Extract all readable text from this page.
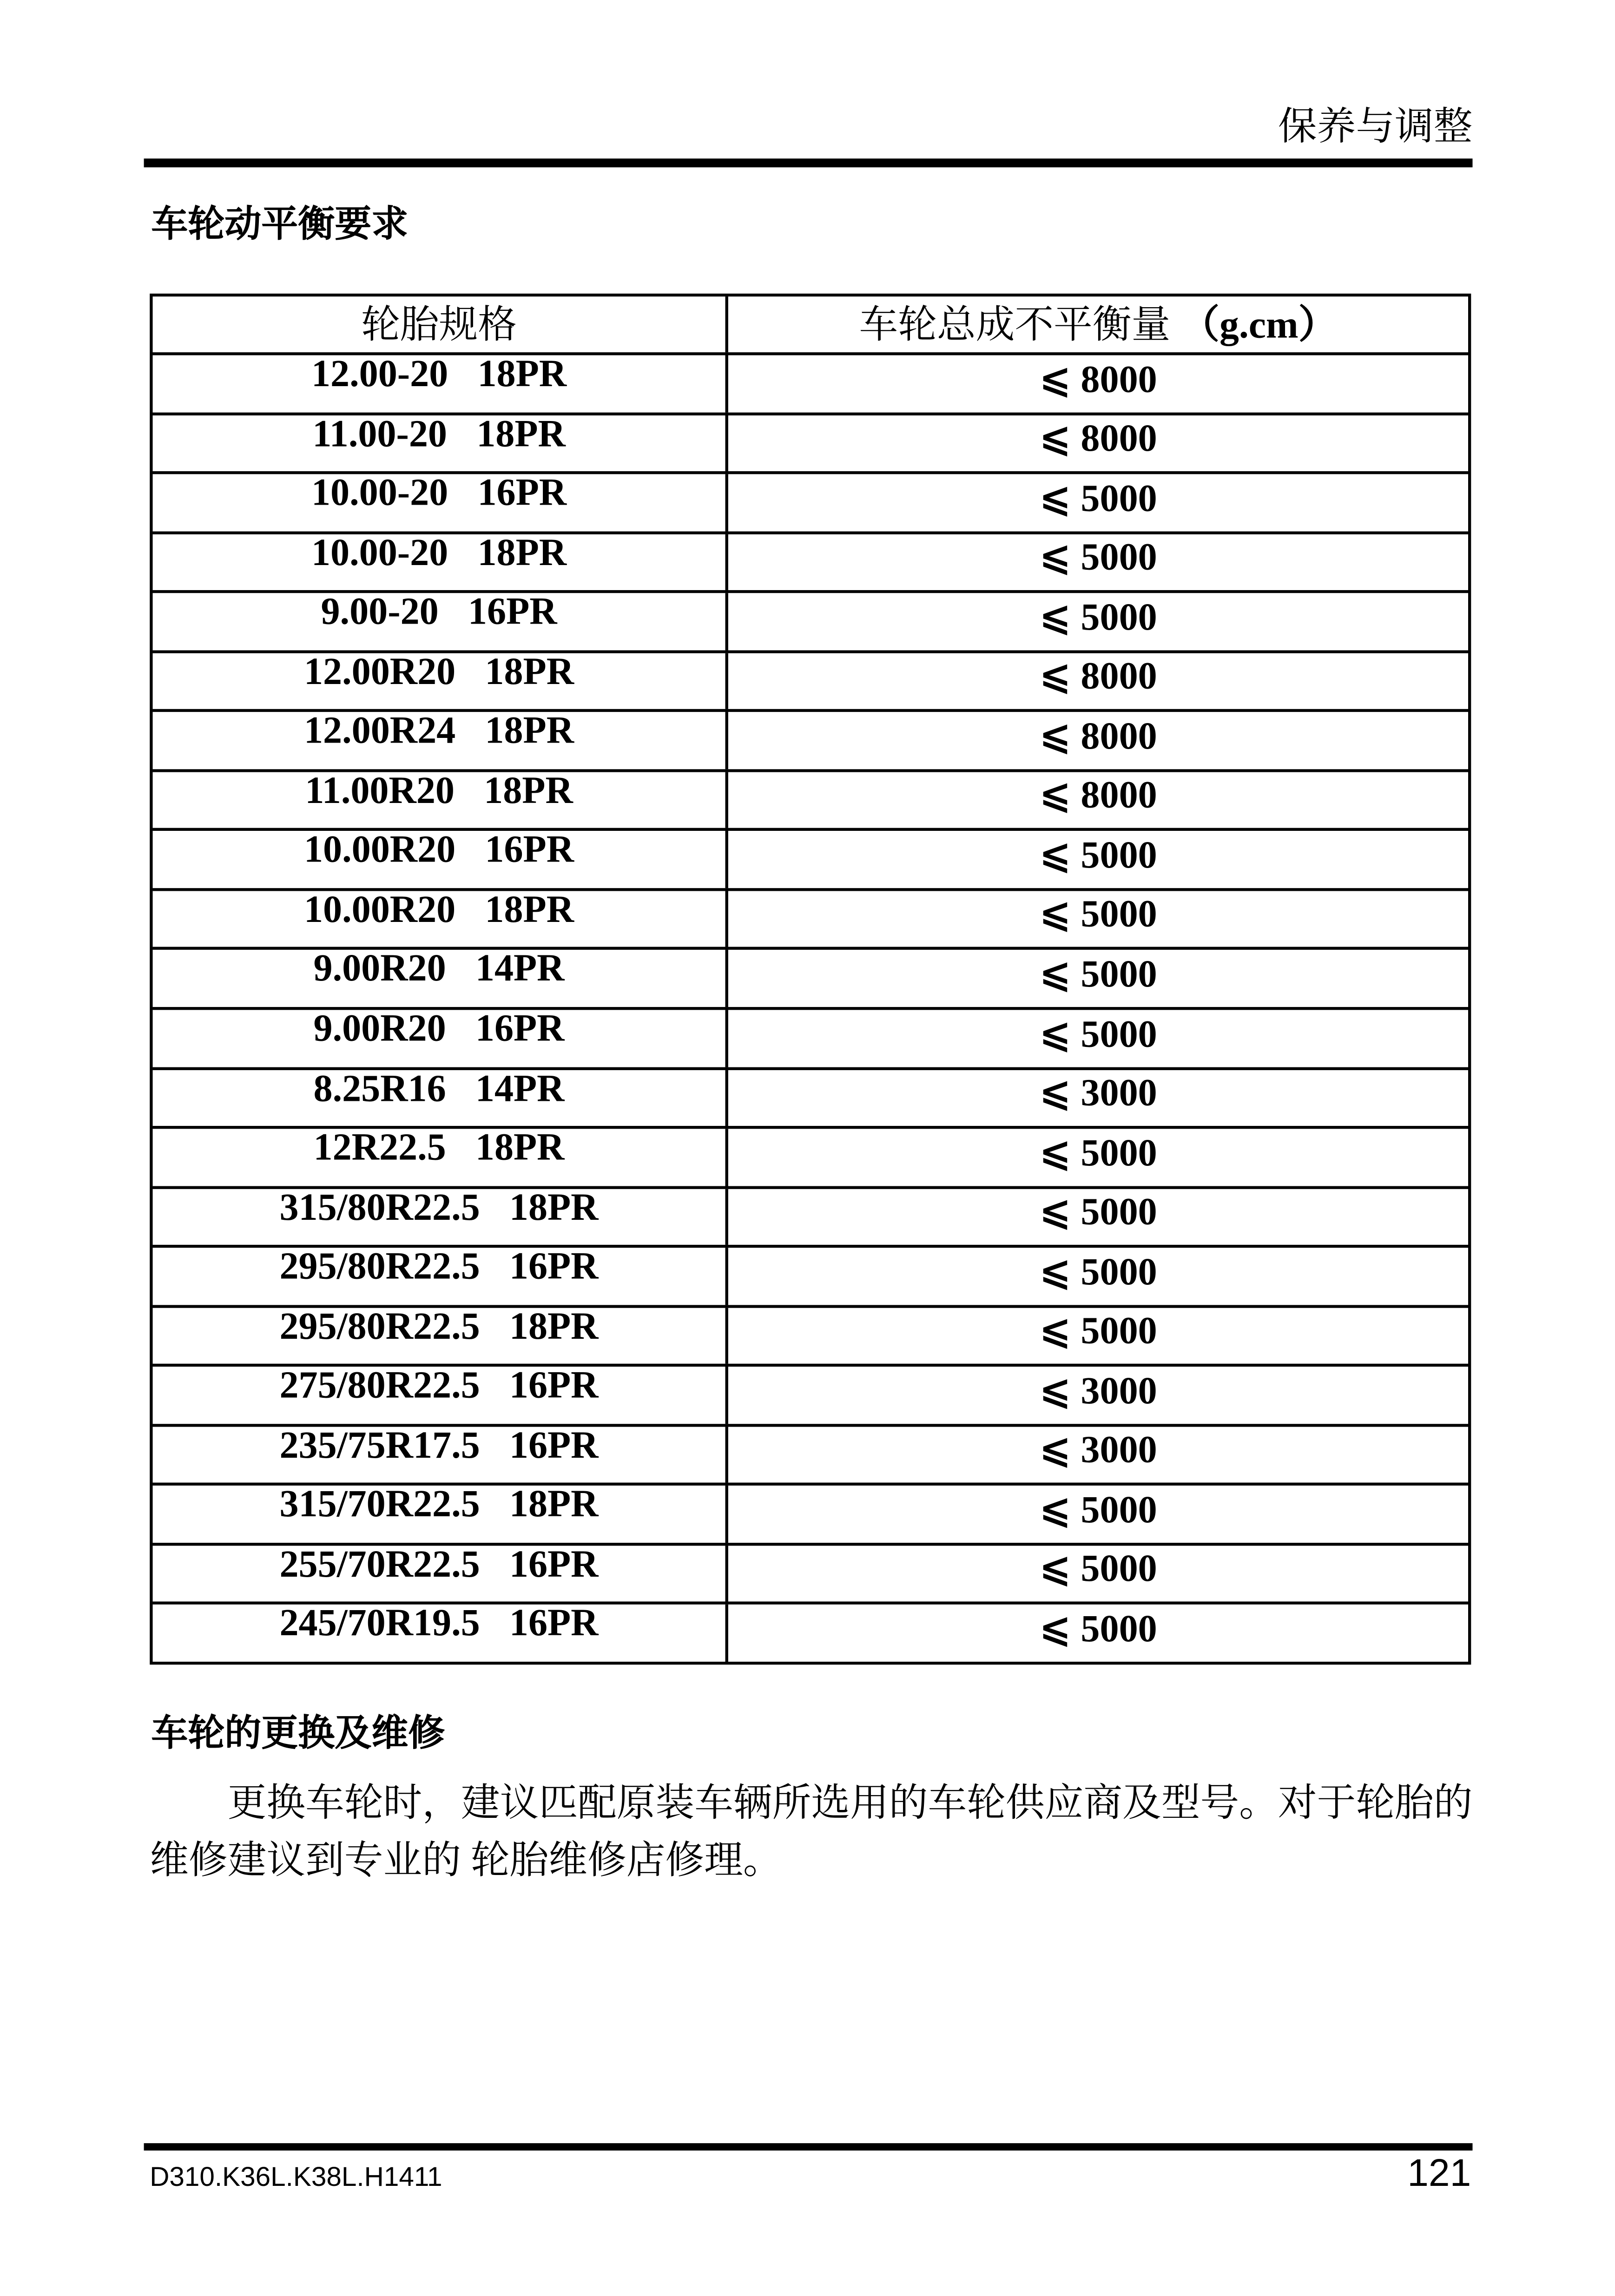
保养与调整
车轮动平衡要求
轮胎规格	车轮总成不平衡量 （g.cm）
12.00-20 18PR	⩽ 8000
11.00-20 18PR	⩽ 8000
10.00-20 16PR	⩽ 5000
10.00-20 18PR	⩽ 5000
9.00-20 16PR	⩽ 5000
12.00R20 18PR	⩽ 8000
12.00R24 18PR	⩽ 8000
11.00R20 18PR	⩽ 8000
10.00R20 16PR	⩽ 5000
10.00R20 18PR	⩽ 5000
9.00R20 14PR	⩽ 5000
9.00R20 16PR	⩽ 5000
8.25R16 14PR	⩽ 3000
12R22.5 18PR	⩽ 5000
315/80R22.5 18PR	⩽ 5000
295/80R22.5 16PR	⩽ 5000
295/80R22.5 18PR	⩽ 5000
275/80R22.5 16PR	⩽ 3000
235/75R17.5 16PR	⩽ 3000
315/70R22.5 18PR	⩽ 5000
255/70R22.5 16PR	⩽ 5000
245/70R19.5 16PR	⩽ 5000
车轮的更换及维修
更换车轮时，建议匹配原装车辆所选用的车轮供应商及型号。对于轮胎的
维修建议到专业的 轮胎维修店修理。
D310.K36L.K38L.H1411	121
